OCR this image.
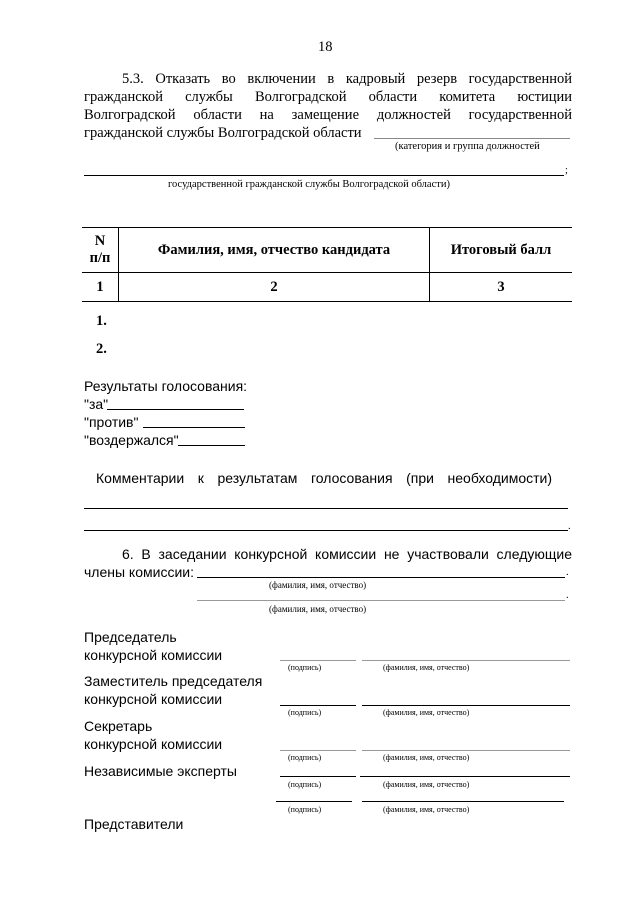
18
5.3. Отказать во включении в кадровый резерв государственной
гражданской службы Волгоградской области комитета юстиции
Волгоградской области на замещение должностей государственной
гражданской службы Волгоградской области
(категория и группа должностей
;
государственной гражданской службы Волгоградской области)
N
п/п	Фамилия, имя, отчество кандидата	Итоговый балл
1	2	3
1.
2.
Результаты голосования:
"за"
"против"
"воздержался"
Комментарии к результатам голосования (при необходимости)
.
6. В заседании конкурсной комиссии не участвовали следующие
члены комиссии:	.
(фамилия, имя, отчество)
.
(фамилия, имя, отчество)
Председатель
конкурсной комиссии
(подпись)	(фамилия, имя, отчество)
Заместитель председателя
конкурсной комиссии
(подпись)	(фамилия, имя, отчество)
Секретарь
конкурсной комиссии
(подпись)	(фамилия, имя, отчество)
Независимые эксперты
(подпись)	(фамилия, имя, отчество)
(подпись)	(фамилия, имя, отчество)
Представители
